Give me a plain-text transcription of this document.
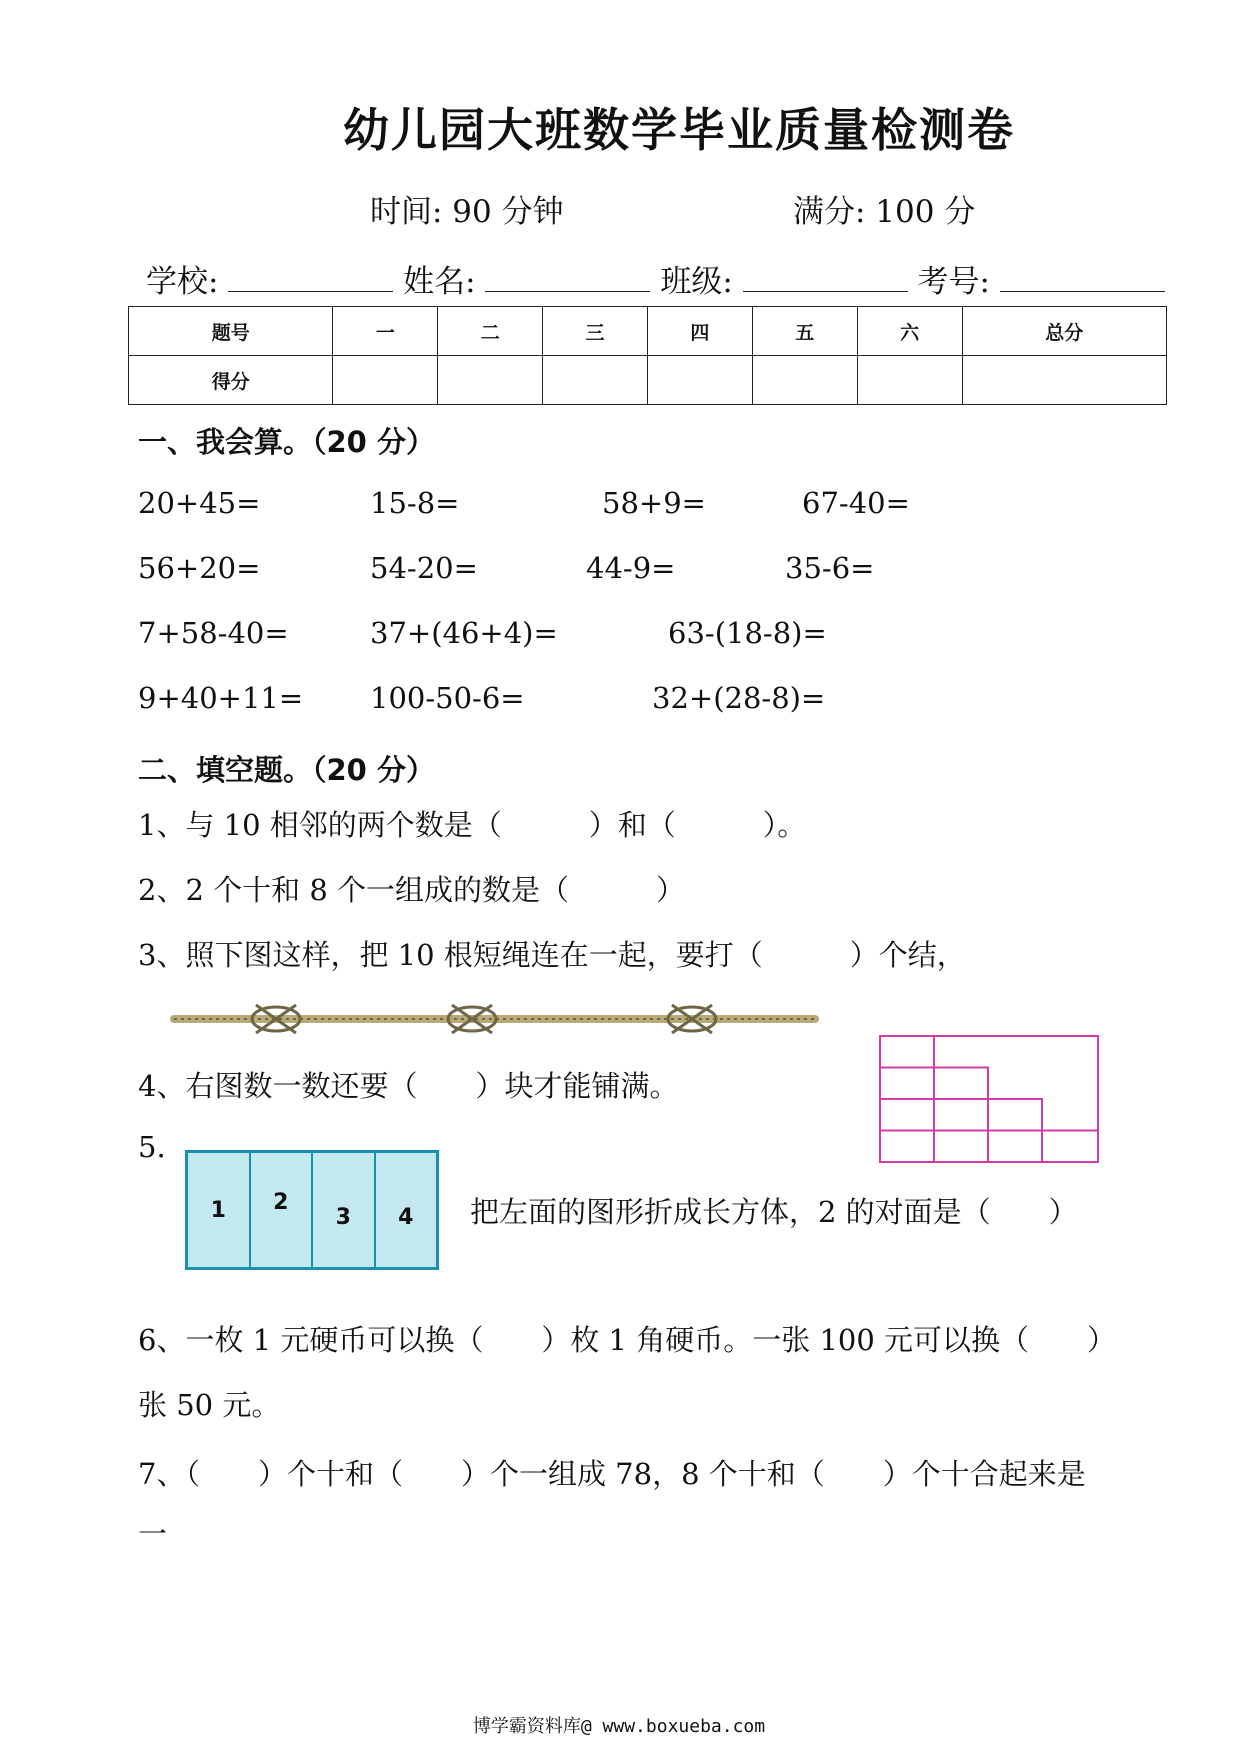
幼儿园大班数学毕业质量检测卷
时间: 90 分钟	满分: 100 分
学校:	姓名:	班级:	考号:
题号	一	二	三	四	五	六	总分
得分							
一、我会算。（20 分）
20+45=	15-8=	58+9=	67-40=
56+20=	54-20=	44-9=	35-6=
7+58-40=	37+(46+4)=	63-(18-8)=
9+40+11= 100-50-6=	32+(28-8)=
二、填空题。（20 分）
1、与 10 相邻的两个数是（　　　）和（　　　）。
2、2 个十和 8 个一组成的数是（　　　）
3、照下图这样，把 10 根短绳连在一起，要打（　　　）个结，
4、右图数一数还要（　　）块才能铺满。
5.
1	2
3	4	把左面的图形折成长方体，2 的对面是（　　）
6、一枚 1 元硬币可以换（　　）枚 1 角硬币。一张 100 元可以换（　　）
张 50 元。
7、（　　）个十和（　　）个一组成 78，8 个十和（　　）个十合起来是
一
博学霸资料库@ www.boxueba.com
